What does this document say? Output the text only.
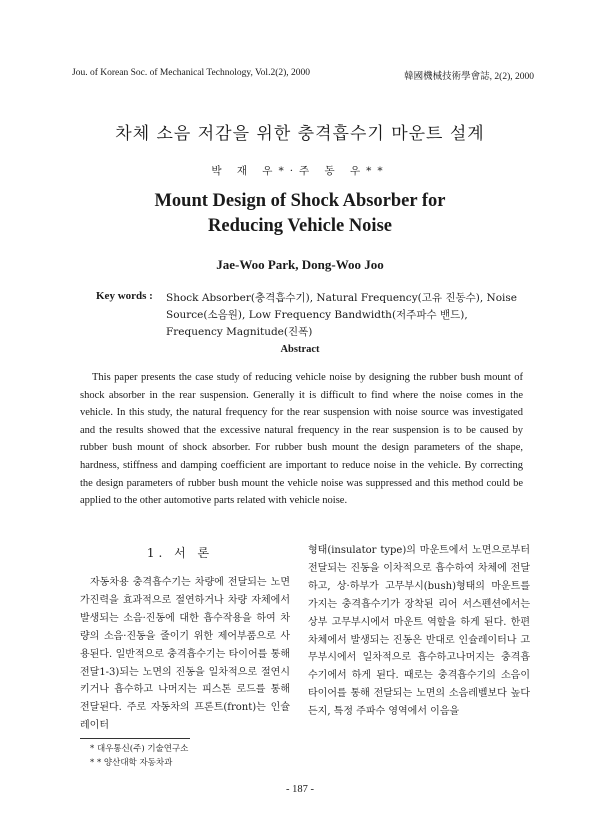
Jou. of Korean Soc. of Mechanical Technology, Vol.2(2), 2000	韓國機械技術學會誌, 2(2), 2000
차체 소음 저감을 위한 충격흡수기 마운트 설계
박 재 우*·주 동 우**
Mount Design of Shock Absorber for
Reducing Vehicle Noise
Jae-Woo Park, Dong-Woo Joo
Key words : Shock Absorber(충격흡수기), Natural Frequency(고유 진동수), Noise Source(소음원), Low Frequency Bandwidth(저주파수 밴드), Frequency Magnitude(진폭)
Abstract
This paper presents the case study of reducing vehicle noise by designing the rubber bush mount of shock absorber in the rear suspension. Generally it is difficult to find where the noise comes in the vehicle. In this study, the natural frequency for the rear suspension with noise source was investigated and the results showed that the excessive natural frequency in the rear suspension is to be caused by rubber bush mount of shock absorber. For rubber bush mount the design parameters of the shape, hardness, stiffness and damping coefficient are important to reduce noise in the vehicle. By correcting the design parameters of rubber bush mount the vehicle noise was suppressed and this method could be applied to the other automotive parts related with vehicle noise.
1. 서 론
자동차용 충격흡수기는 차량에 전달되는 노면 가진력을 효과적으로 절연하거나 차량 자체에서 발생되는 소음·진동에 대한 흡수작용을 하여 차량의 소음·진동을 줄이기 위한 제어부품으로 사용된다. 일반적으로 충격흡수기는 타이어를 통해 전달1-3)되는 노면의 진동을 일차적으로 절연시키거나 흡수하고 나머지는 피스톤 로드를 통해 전달된다. 주로 자동차의 프론트(front)는 인슐레이터
형태(insulator type)의 마운트에서 노면으로부터 전달되는 진동을 이차적으로 흡수하여 차체에 전달하고, 상·하부가 고무부시(bush)형태의 마운트를 가지는 충격흡수기가 장착된 리어 서스펜션에서는 상부 고무부시에서 마운트 역할을 하게 된다. 한편 차체에서 발생되는 진동은 반대로 인슐레이터나 고무부시에서 일차적으로 흡수하고나머지는 충격흡수기에서 하게 된다. 때로는 충격흡수기의 소음이 타이어를 통해 전달되는 노면의 소음레벨보다 높다든지, 특정 주파수 영역에서 이음을
* 대우통신(주) 기술연구소
* * 양산대학 자동차과
- 187 -
